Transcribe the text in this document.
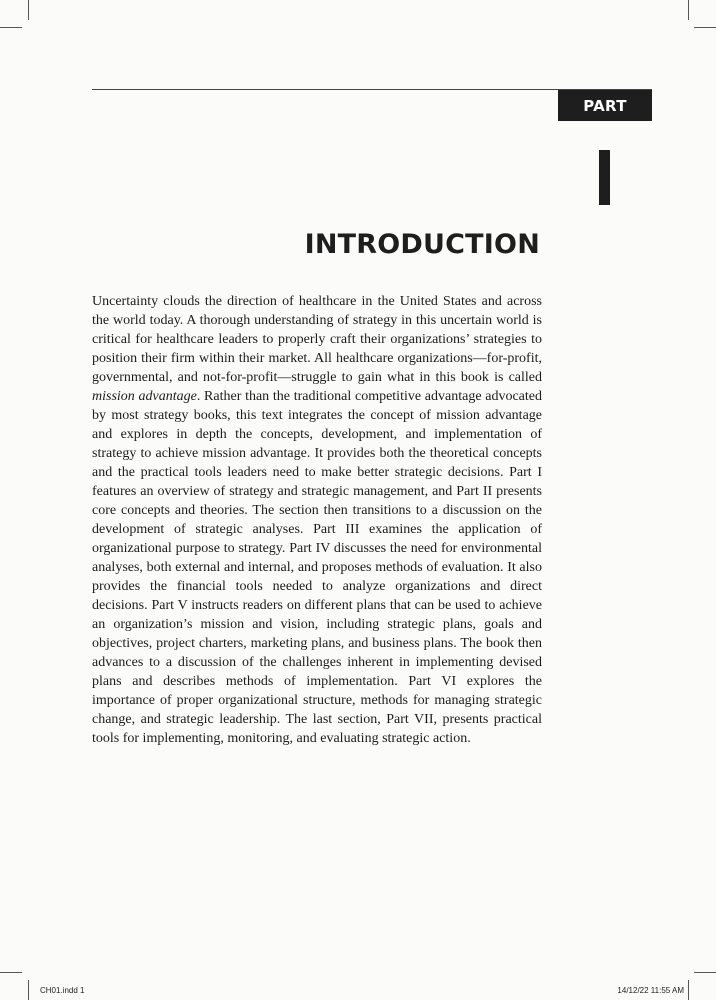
PART
INTRODUCTION

Uncertainty clouds the direction of healthcare in the United States and across the world today. A thorough understanding of strategy in this uncertain world is critical for healthcare leaders to properly craft their organizations’ strategies to position their firm within their market. All healthcare organizations—for-profit, governmental, and not-for-profit—struggle to gain what in this book is called mission advantage. Rather than the traditional competitive advantage advocated by most strategy books, this text integrates the concept of mission advantage and explores in depth the concepts, development, and implementation of strategy to achieve mission advantage. It provides both the theoretical concepts and the practical tools leaders need to make better strategic decisions. Part I features an overview of strategy and strategic management, and Part II presents core concepts and theories. The section then transitions to a discussion on the development of strategic analyses. Part III examines the application of organizational purpose to strategy. Part IV discusses the need for environmental analyses, both external and internal, and proposes methods of evaluation. It also provides the financial tools needed to analyze organizations and direct decisions. Part V instructs readers on different plans that can be used to achieve an organization’s mission and vision, including strategic plans, goals and objectives, project charters, marketing plans, and business plans. The book then advances to a discussion of the challenges inherent in implementing devised plans and describes methods of implementation. Part VI explores the importance of proper organizational structure, methods for managing strategic change, and strategic leadership. The last section, Part VII, presents practical tools for implementing, monitoring, and evaluating strategic action.

CH01.indd 1	14/12/22 11:55 AM
